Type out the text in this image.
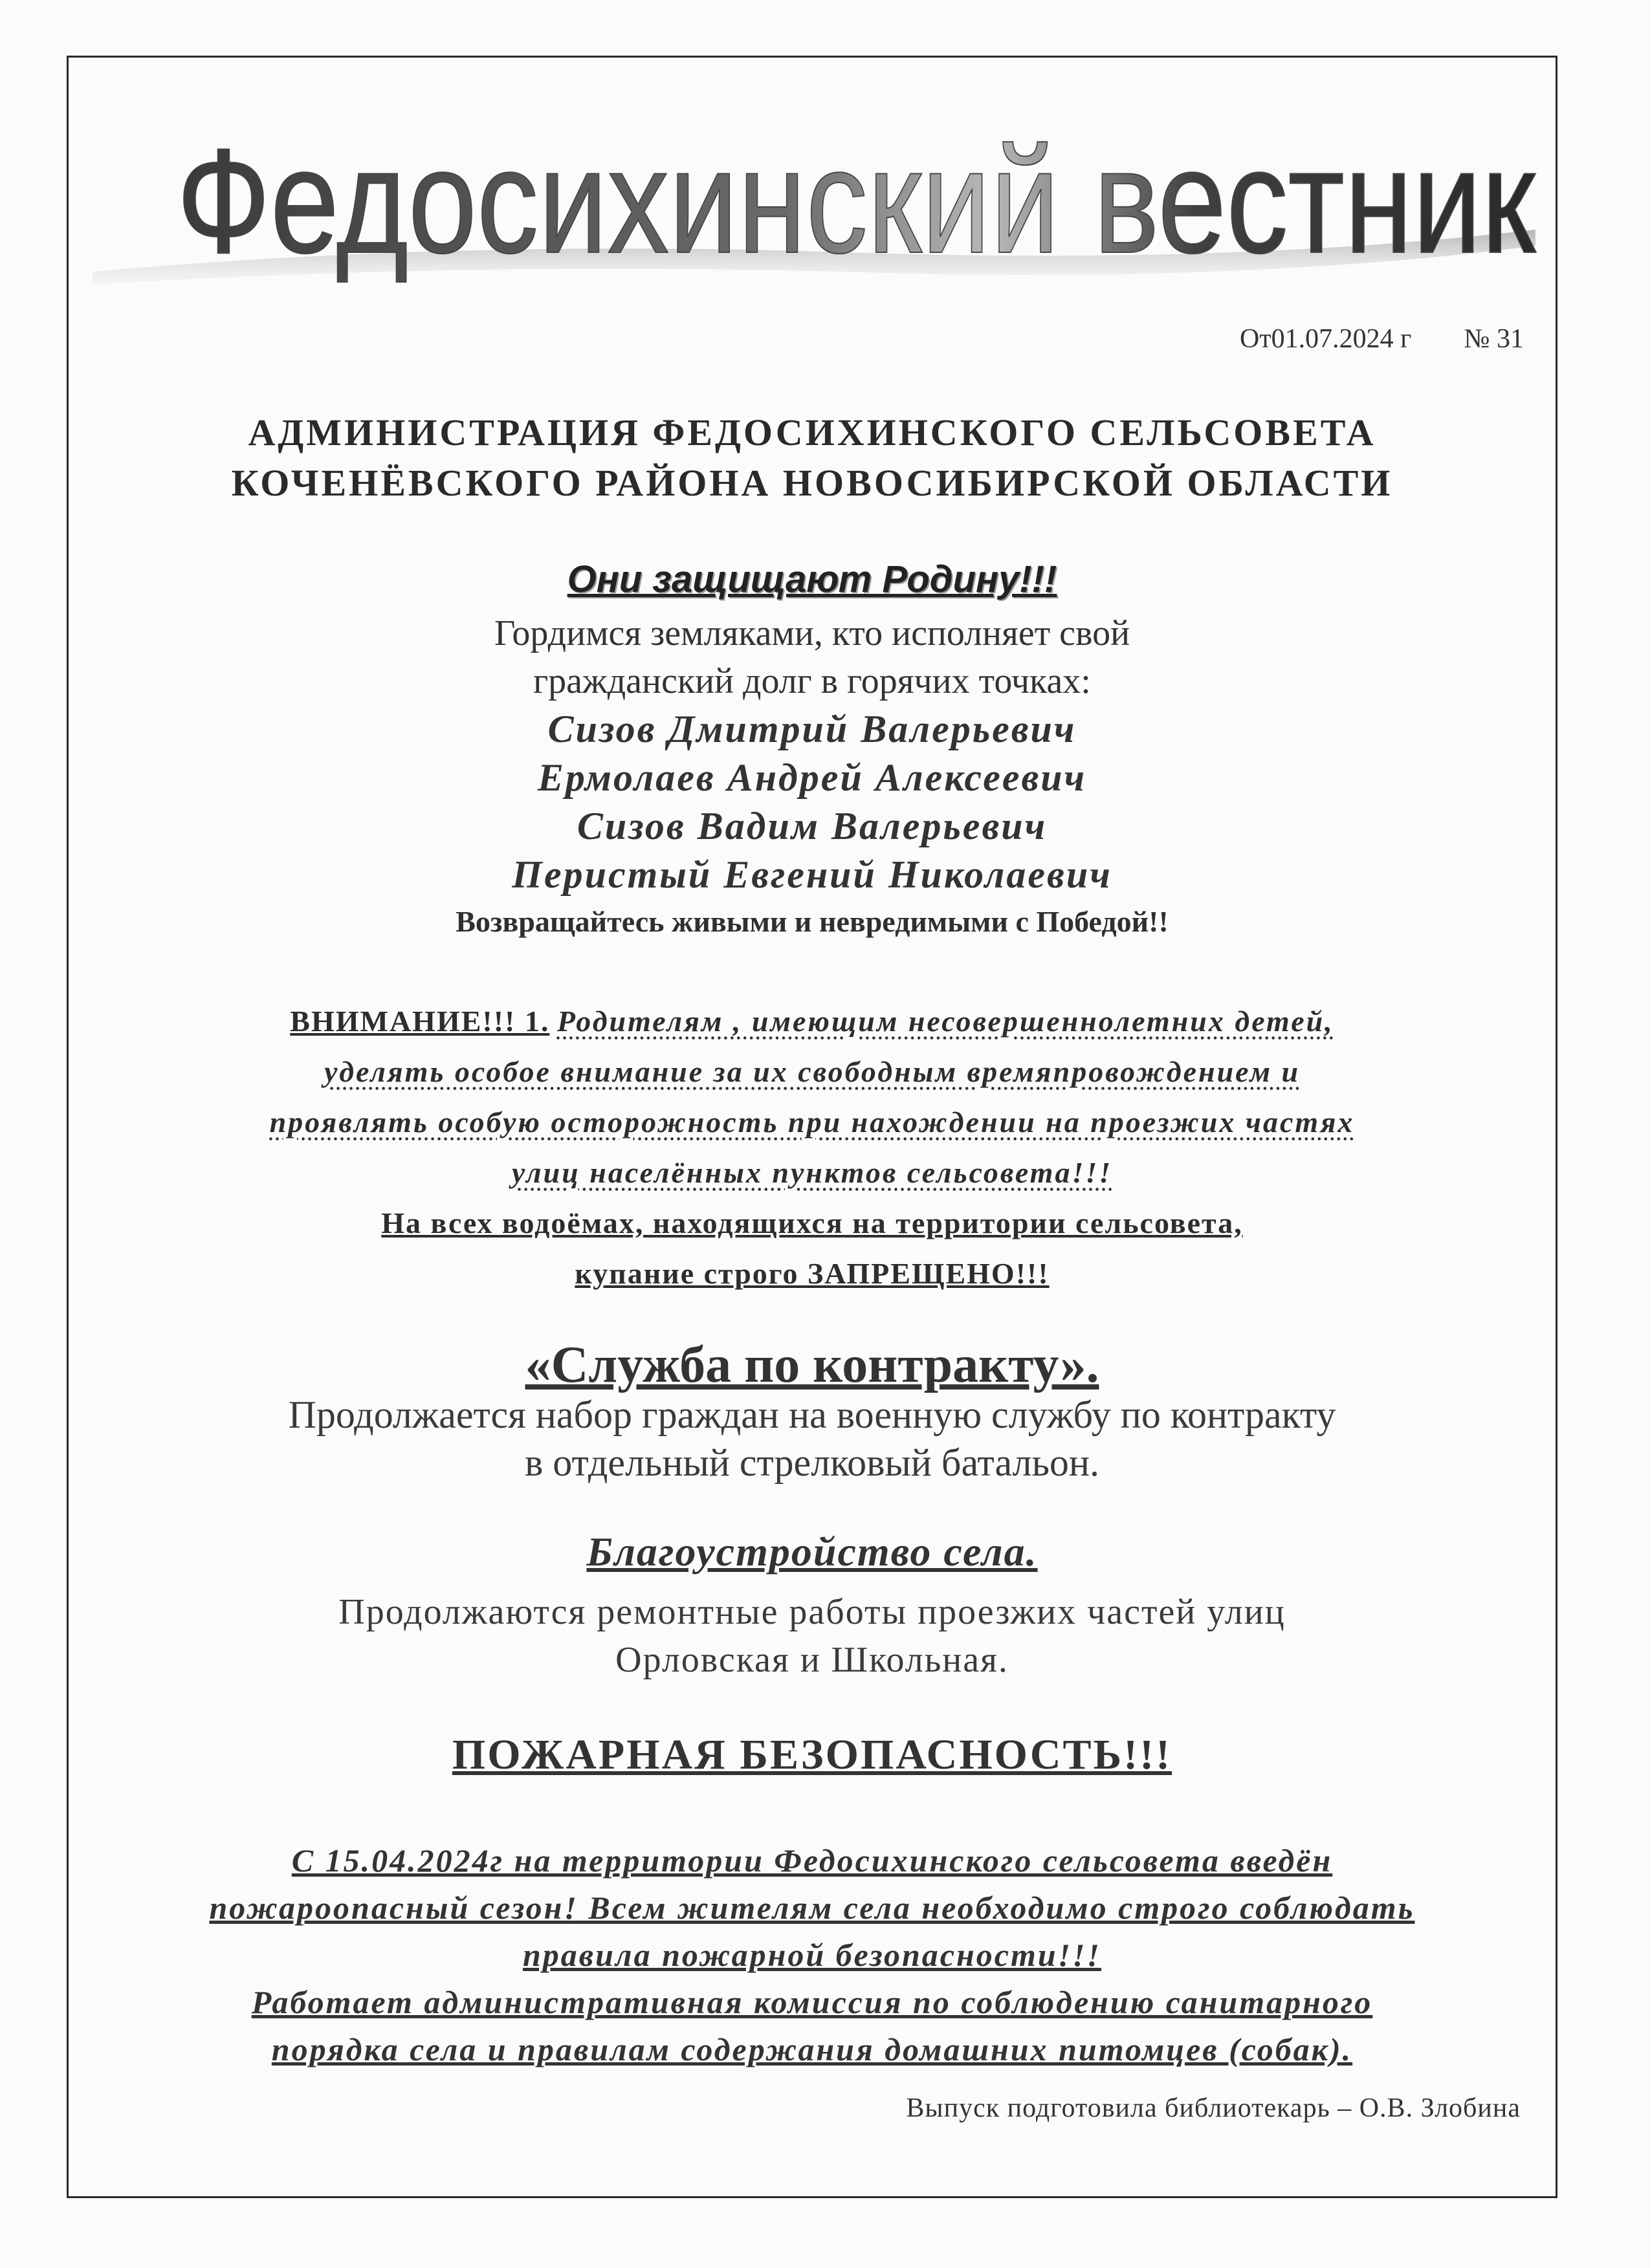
Федосихинский вестник
От01.07.2024 г № 31
АДМИНИСТРАЦИЯ ФЕДОСИХИНСКОГО СЕЛЬСОВЕТА
КОЧЕНЁВСКОГО РАЙОНА НОВОСИБИРСКОЙ ОБЛАСТИ
Они защищают Родину!!!
Гордимся земляками, кто исполняет свой
гражданский долг в горячих точках:
Сизов Дмитрий Валерьевич
Ермолаев Андрей Алексеевич
Сизов Вадим Валерьевич
Перистый Евгений Николаевич
Возвращайтесь живыми и невредимыми с Победой!!
ВНИМАНИЕ!!! 1. Родителям , имеющим несовершеннолетних детей,
уделять особое внимание за их свободным времяпровождением и
проявлять особую осторожность при нахождении на проезжих частях
улиц населённых пунктов сельсовета!!!
На всех водоёмах, находящихся на территории сельсовета,
купание строго ЗАПРЕЩЕНО!!!
«Служба по контракту».
Продолжается набор граждан на военную службу по контракту
в отдельный стрелковый батальон.
Благоустройство села.
Продолжаются ремонтные работы проезжих частей улиц
Орловская и Школьная.
ПОЖАРНАЯ БЕЗОПАСНОСТЬ!!!
С 15.04.2024г на территории Федосихинского сельсовета введён
пожароопасный сезон! Всем жителям села необходимо строго соблюдать
правила пожарной безопасности!!!
Работает административная комиссия по соблюдению санитарного
порядка села и правилам содержания домашних питомцев (собак).
Выпуск подготовила библиотекарь – О.В. Злобина
